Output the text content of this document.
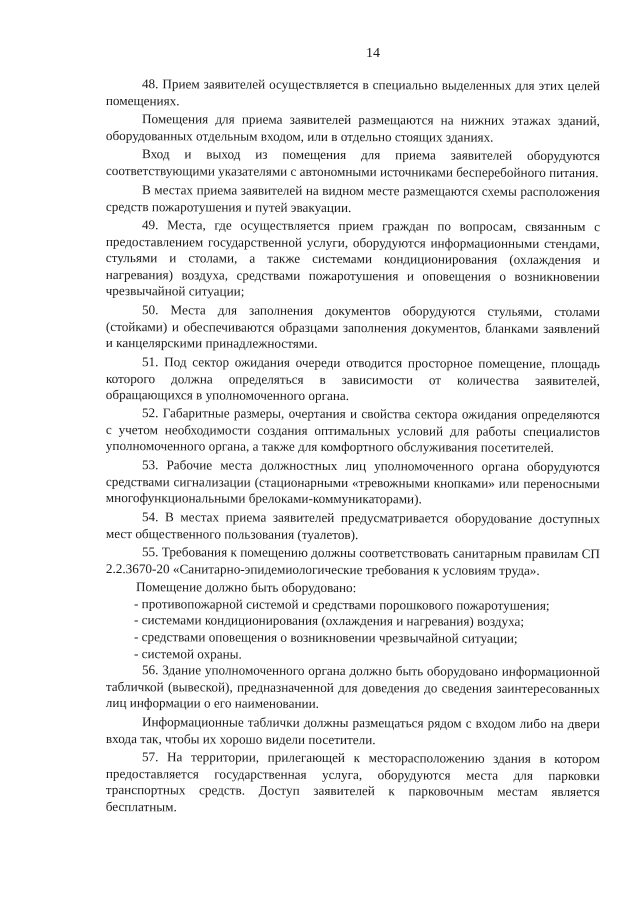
14

48. Прием заявителей осуществляется в специально выделенных для этих целей помещениях.

Помещения для приема заявителей размещаются на нижних этажах зданий, оборудованных отдельным входом, или в отдельно стоящих зданиях.

Вход и выход из помещения для приема заявителей оборудуются соответствующими указателями с автономными источниками бесперебойного питания.

В местах приема заявителей на видном месте размещаются схемы расположения средств пожаротушения и путей эвакуации.

49. Места, где осуществляется прием граждан по вопросам, связанным с предоставлением государственной услуги, оборудуются информационными стендами, стульями и столами, а также системами кондиционирования (охлаждения и нагревания) воздуха, средствами пожаротушения и оповещения о возникновении чрезвычайной ситуации;

50. Места для заполнения документов оборудуются стульями, столами (стойками) и обеспечиваются образцами заполнения документов, бланками заявлений и канцелярскими принадлежностями.

51. Под сектор ожидания очереди отводится просторное помещение, площадь которого должна определяться в зависимости от количества заявителей, обращающихся в уполномоченного органа.

52. Габаритные размеры, очертания и свойства сектора ожидания определяются с учетом необходимости создания оптимальных условий для работы специалистов уполномоченного органа, а также для комфортного обслуживания посетителей.

53. Рабочие места должностных лиц уполномоченного органа оборудуются средствами сигнализации (стационарными «тревожными кнопками» или переносными многофункциональными брелоками-коммуникаторами).

54. В местах приема заявителей предусматривается оборудование доступных мест общественного пользования (туалетов).

55. Требования к помещению должны соответствовать санитарным правилам СП 2.2.3670-20 «Санитарно-эпидемиологические требования к условиям труда».

Помещение должно быть оборудовано:

- противопожарной системой и средствами порошкового пожаротушения;

- системами кондиционирования (охлаждения и нагревания) воздуха;

- средствами оповещения о возникновении чрезвычайной ситуации;

- системой охраны.

56. Здание уполномоченного органа должно быть оборудовано информационной табличкой (вывеской), предназначенной для доведения до сведения заинтересованных лиц информации о его наименовании.

Информационные таблички должны размещаться рядом с входом либо на двери входа так, чтобы их хорошо видели посетители.

57. На территории, прилегающей к месторасположению здания в котором предоставляется государственная услуга, оборудуются места для парковки транспортных средств. Доступ заявителей к парковочным местам является бесплатным.
